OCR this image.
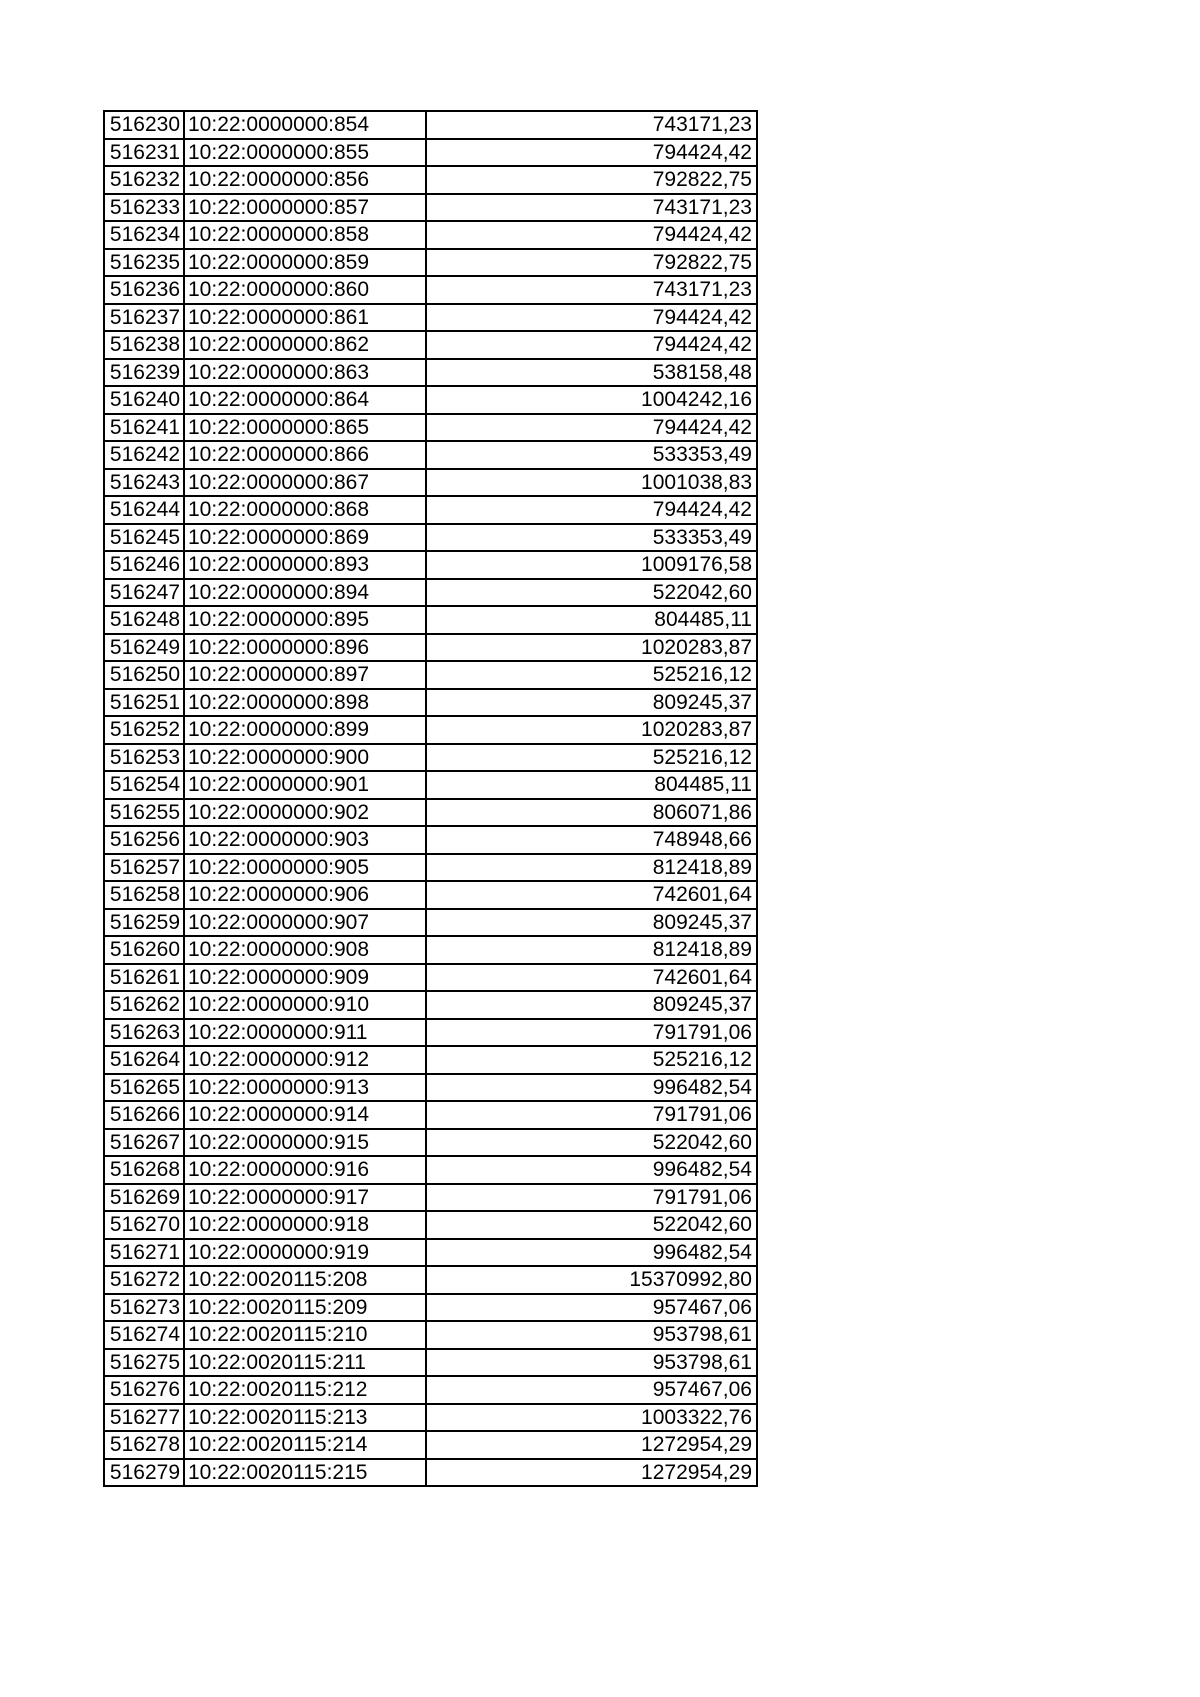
516230	10:22:0000000:854	743171,23
516231	10:22:0000000:855	794424,42
516232	10:22:0000000:856	792822,75
516233	10:22:0000000:857	743171,23
516234	10:22:0000000:858	794424,42
516235	10:22:0000000:859	792822,75
516236	10:22:0000000:860	743171,23
516237	10:22:0000000:861	794424,42
516238	10:22:0000000:862	794424,42
516239	10:22:0000000:863	538158,48
516240	10:22:0000000:864	1004242,16
516241	10:22:0000000:865	794424,42
516242	10:22:0000000:866	533353,49
516243	10:22:0000000:867	1001038,83
516244	10:22:0000000:868	794424,42
516245	10:22:0000000:869	533353,49
516246	10:22:0000000:893	1009176,58
516247	10:22:0000000:894	522042,60
516248	10:22:0000000:895	804485,11
516249	10:22:0000000:896	1020283,87
516250	10:22:0000000:897	525216,12
516251	10:22:0000000:898	809245,37
516252	10:22:0000000:899	1020283,87
516253	10:22:0000000:900	525216,12
516254	10:22:0000000:901	804485,11
516255	10:22:0000000:902	806071,86
516256	10:22:0000000:903	748948,66
516257	10:22:0000000:905	812418,89
516258	10:22:0000000:906	742601,64
516259	10:22:0000000:907	809245,37
516260	10:22:0000000:908	812418,89
516261	10:22:0000000:909	742601,64
516262	10:22:0000000:910	809245,37
516263	10:22:0000000:911	791791,06
516264	10:22:0000000:912	525216,12
516265	10:22:0000000:913	996482,54
516266	10:22:0000000:914	791791,06
516267	10:22:0000000:915	522042,60
516268	10:22:0000000:916	996482,54
516269	10:22:0000000:917	791791,06
516270	10:22:0000000:918	522042,60
516271	10:22:0000000:919	996482,54
516272	10:22:0020115:208	15370992,80
516273	10:22:0020115:209	957467,06
516274	10:22:0020115:210	953798,61
516275	10:22:0020115:211	953798,61
516276	10:22:0020115:212	957467,06
516277	10:22:0020115:213	1003322,76
516278	10:22:0020115:214	1272954,29
516279	10:22:0020115:215	1272954,29
